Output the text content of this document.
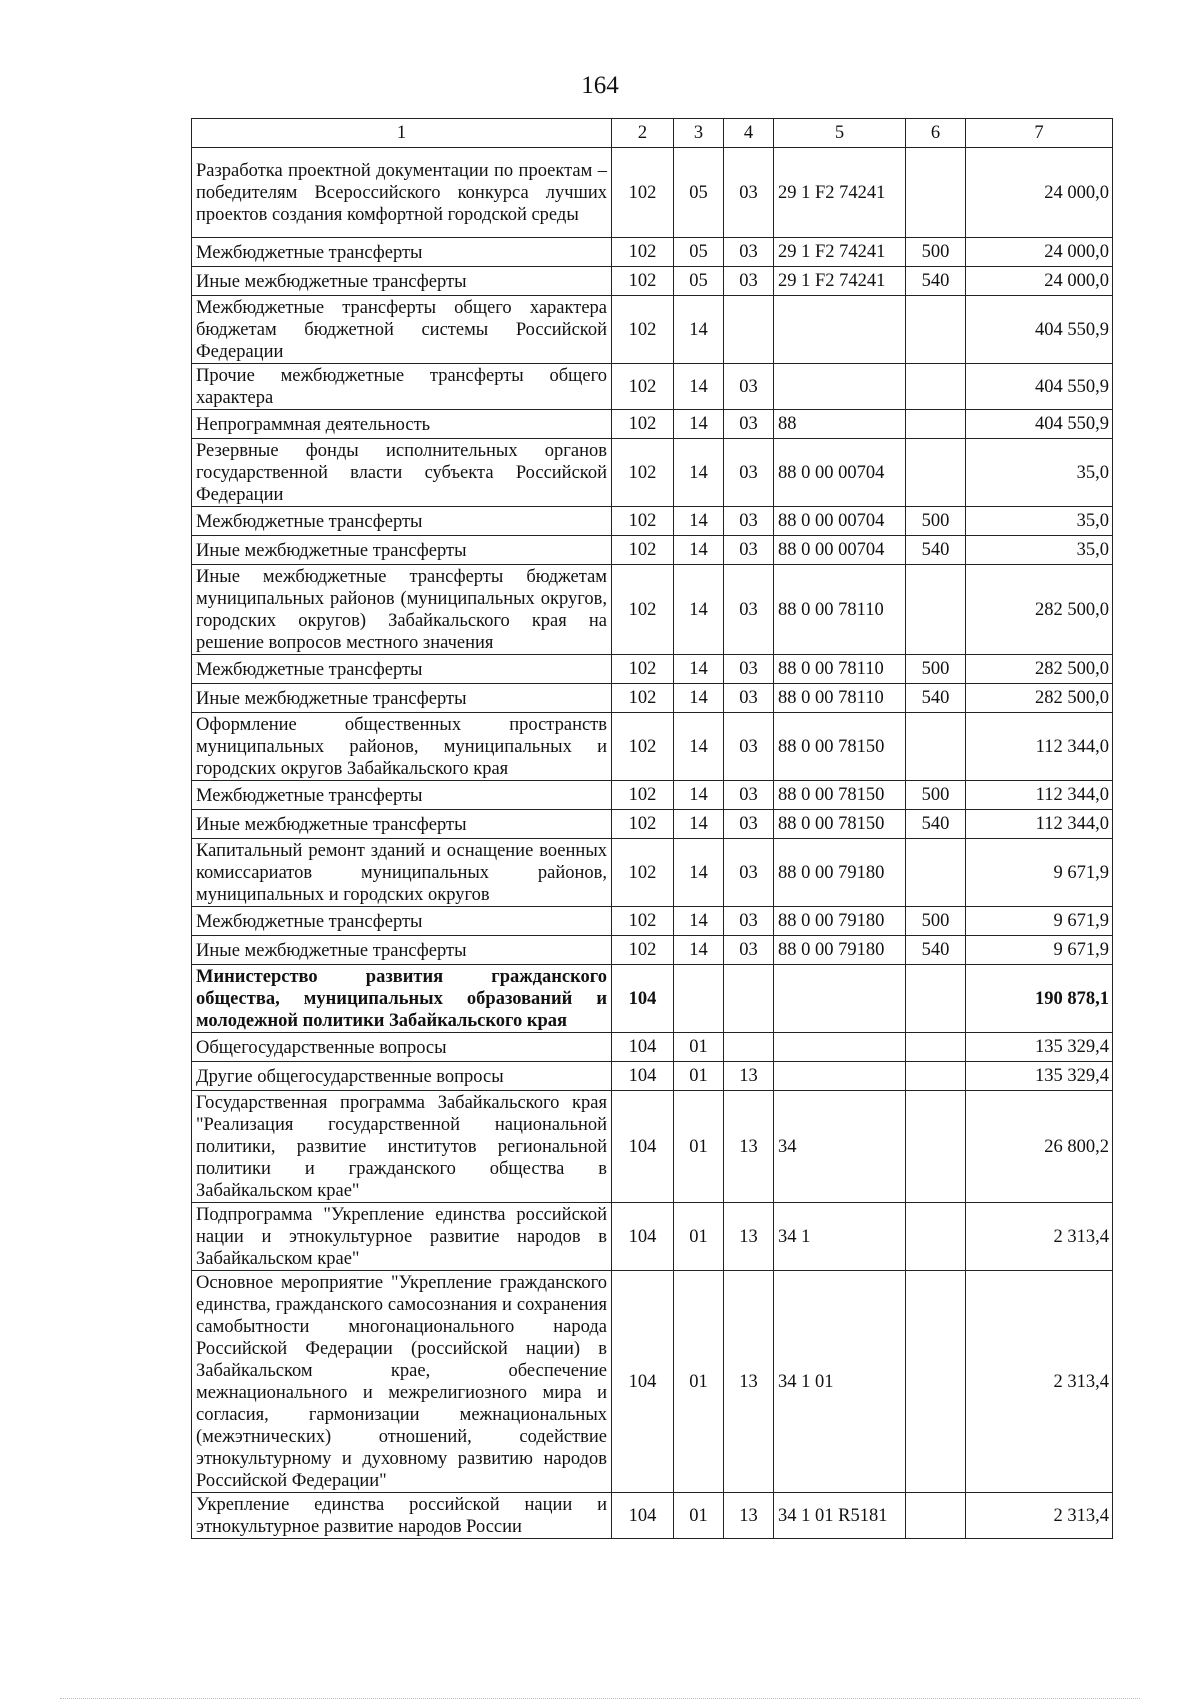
164
1	2	3	4	5	6	7
Разработка проектной документации по проектам – победителям Всероссийского конкурса лучших проектов создания комфортной городской среды	102	05	03	29 1 F2 74241		24 000,0
Межбюджетные трансферты	102	05	03	29 1 F2 74241	500	24 000,0
Иные межбюджетные трансферты	102	05	03	29 1 F2 74241	540	24 000,0
Межбюджетные трансферты общего характера бюджетам бюджетной системы Российской Федерации	102	14				404 550,9
Прочие межбюджетные трансферты общего характера	102	14	03			404 550,9
Непрограммная деятельность	102	14	03	88		404 550,9
Резервные фонды исполнительных органов государственной власти субъекта Российской Федерации	102	14	03	88 0 00 00704		35,0
Межбюджетные трансферты	102	14	03	88 0 00 00704	500	35,0
Иные межбюджетные трансферты	102	14	03	88 0 00 00704	540	35,0
Иные межбюджетные трансферты бюджетам муниципальных районов (муниципальных округов, городских округов) Забайкальского края на решение вопросов местного значения	102	14	03	88 0 00 78110		282 500,0
Межбюджетные трансферты	102	14	03	88 0 00 78110	500	282 500,0
Иные межбюджетные трансферты	102	14	03	88 0 00 78110	540	282 500,0
Оформление общественных пространств муниципальных районов, муниципальных и городских округов Забайкальского края	102	14	03	88 0 00 78150		112 344,0
Межбюджетные трансферты	102	14	03	88 0 00 78150	500	112 344,0
Иные межбюджетные трансферты	102	14	03	88 0 00 78150	540	112 344,0
Капитальный ремонт зданий и оснащение военных комиссариатов муниципальных районов, муниципальных и городских округов	102	14	03	88 0 00 79180		9 671,9
Межбюджетные трансферты	102	14	03	88 0 00 79180	500	9 671,9
Иные межбюджетные трансферты	102	14	03	88 0 00 79180	540	9 671,9
Министерство развития гражданского общества, муниципальных образований и молодежной политики Забайкальского края	104					190 878,1
Общегосударственные вопросы	104	01				135 329,4
Другие общегосударственные вопросы	104	01	13			135 329,4
Государственная программа Забайкальского края "Реализация государственной национальной политики, развитие институтов региональной политики и гражданского общества в Забайкальском крае"	104	01	13	34		26 800,2
Подпрограмма "Укрепление единства российской нации и этнокультурное развитие народов в Забайкальском крае"	104	01	13	34 1		2 313,4
Основное мероприятие "Укрепление гражданского единства, гражданского самосознания и сохранения самобытности многонационального народа Российской Федерации (российской нации) в Забайкальском крае, обеспечение межнационального и межрелигиозного мира и согласия, гармонизации межнациональных (межэтнических) отношений, содействие этнокультурному и духовному развитию народов Российской Федерации"	104	01	13	34 1 01		2 313,4
Укрепление единства российской нации и этнокультурное развитие народов России	104	01	13	34 1 01 R5181		2 313,4
